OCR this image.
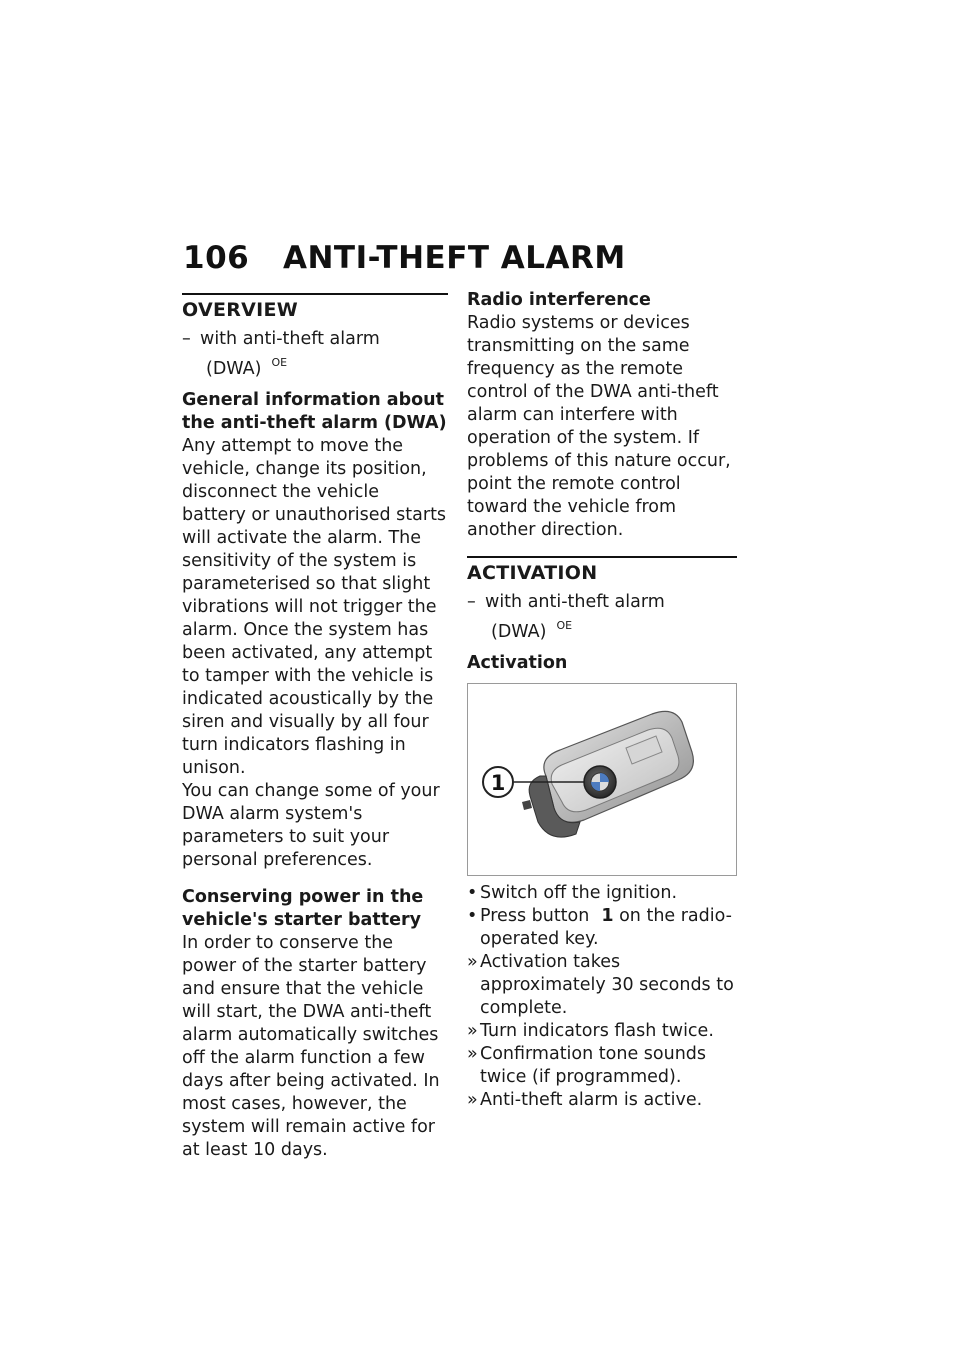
106 ANTI-THEFT ALARM
OVERVIEW
– with anti-theft alarm
(DWA) $^{OE}$
General information about the anti-theft alarm (DWA)

Any attempt to move the vehicle, change its position, disconnect the vehicle battery or unauthorised starts will activate the alarm. The sensitivity of the system is parameterised so that slight vibrations will not trigger the alarm. Once the system has been activated, any attempt to tamper with the vehicle is indicated acoustically by the siren and visually by all four turn indicators flashing in unison.

You can change some of your DWA alarm system's parameters to suit your personal preferences.

Conserving power in the vehicle's starter battery

In order to conserve the power of the starter battery and ensure that the vehicle will start, the DWA anti-theft alarm automatically switches off the alarm function a few days after being activated. In most cases, however, the system will remain active for at least 10 days.

Radio interference

Radio systems or devices transmitting on the same frequency as the remote control of the DWA anti-theft alarm can interfere with operation of the system. If problems of this nature occur, point the remote control toward the vehicle from another direction.

ACTIVATION
– with anti-theft alarm
(DWA) $^{OE}$
Activation
1
• Switch off the ignition.
• Press button 1 on the radio-operated key.
» Activation takes approximately 30 seconds to complete.
» Turn indicators flash twice.
» Confirmation tone sounds twice (if programmed).
» Anti-theft alarm is active.
